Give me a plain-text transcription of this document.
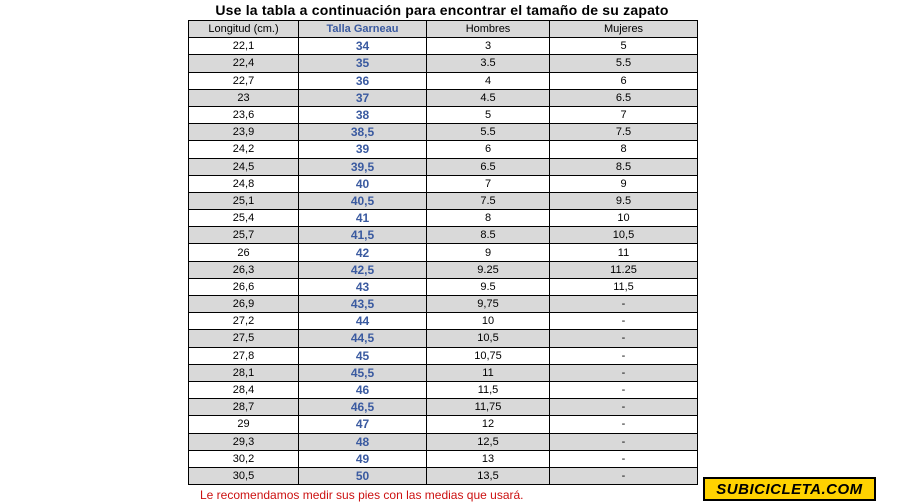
Use la tabla a continuación para encontrar el tamaño de su zapato
Longitud (cm.)	Talla Garneau	Hombres	Mujeres
22,1	34	3	5
22,4	35	3.5	5.5
22,7	36	4	6
23	37	4.5	6.5
23,6	38	5	7
23,9	38,5	5.5	7.5
24,2	39	6	8
24,5	39,5	6.5	8.5
24,8	40	7	9
25,1	40,5	7.5	9.5
25,4	41	8	10
25,7	41,5	8.5	10,5
26	42	9	11
26,3	42,5	9.25	11.25
26,6	43	9.5	11,5
26,9	43,5	9,75	-
27,2	44	10	-
27,5	44,5	10,5	-
27,8	45	10,75	-
28,1	45,5	11	-
28,4	46	11,5	-
28,7	46,5	11,75	-
29	47	12	-
29,3	48	12,5	-
30,2	49	13	-
30,5	50	13,5	-
Le recomendamos medir sus pies con las medias que usará.	SUBICICLETA.COM
